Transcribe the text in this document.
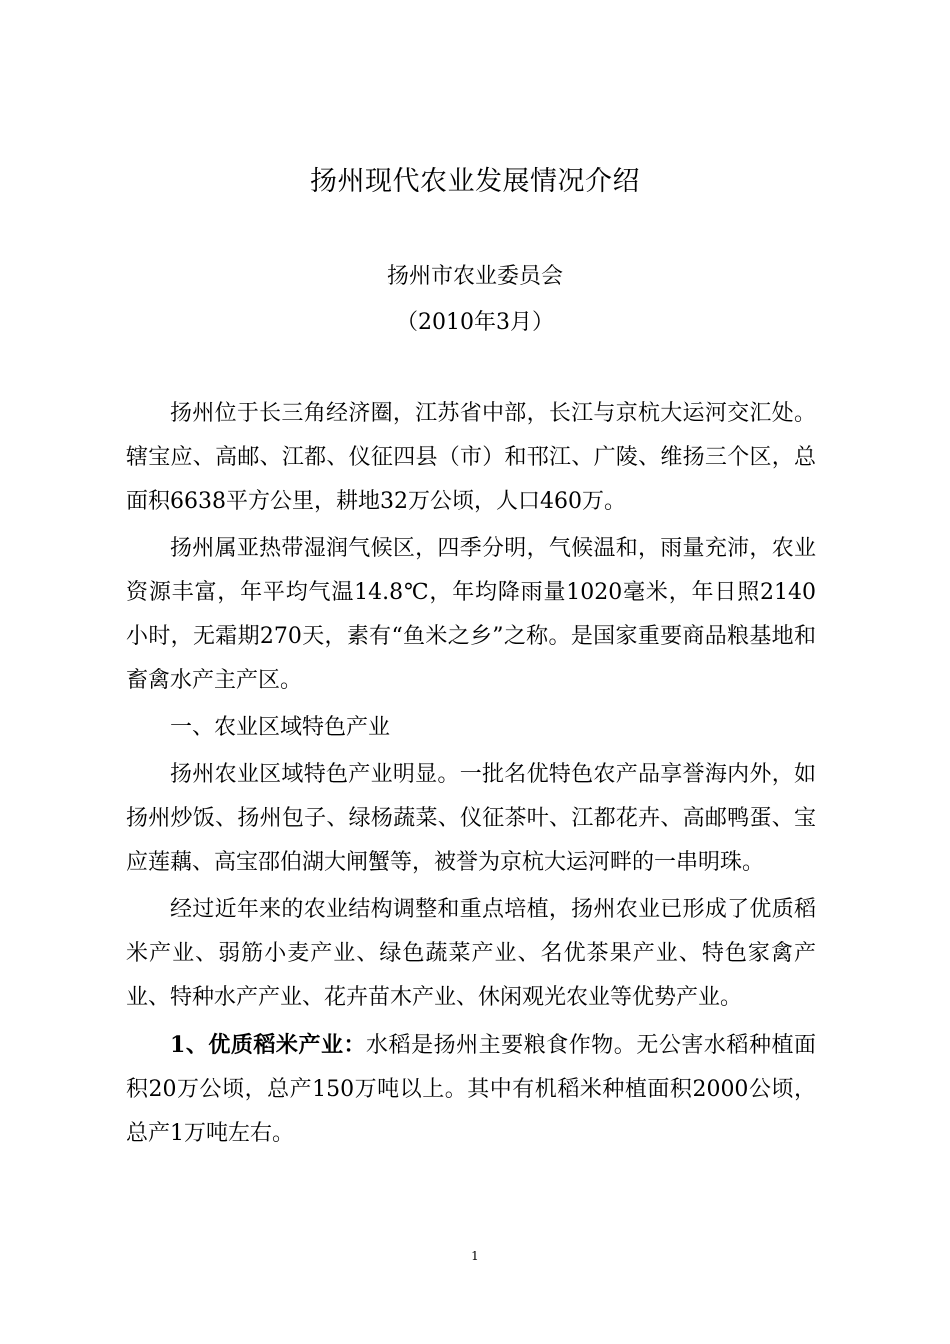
扬州现代农业发展情况介绍
扬州市农业委员会
（2010年3月）

扬州位于长三角经济圈，江苏省中部，长江与京杭大运河交汇处。辖宝应、高邮、江都、仪征四县（市）和邗江、广陵、维扬三个区，总面积6638平方公里，耕地32万公顷，人口460万。

扬州属亚热带湿润气候区，四季分明，气候温和，雨量充沛，农业资源丰富，年平均气温14.8℃，年均降雨量1020毫米，年日照2140小时，无霜期270天，素有“鱼米之乡”之称。是国家重要商品粮基地和畜禽水产主产区。

一、农业区域特色产业

扬州农业区域特色产业明显。一批名优特色农产品享誉海内外，如扬州炒饭、扬州包子、绿杨蔬菜、仪征茶叶、江都花卉、高邮鸭蛋、宝应莲藕、高宝邵伯湖大闸蟹等，被誉为京杭大运河畔的一串明珠。

经过近年来的农业结构调整和重点培植，扬州农业已形成了优质稻米产业、弱筋小麦产业、绿色蔬菜产业、名优茶果产业、特色家禽产业、特种水产产业、花卉苗木产业、休闲观光农业等优势产业。

1、优质稻米产业：水稻是扬州主要粮食作物。无公害水稻种植面积20万公顷，总产150万吨以上。其中有机稻米种植面积2000公顷，总产1万吨左右。

1
